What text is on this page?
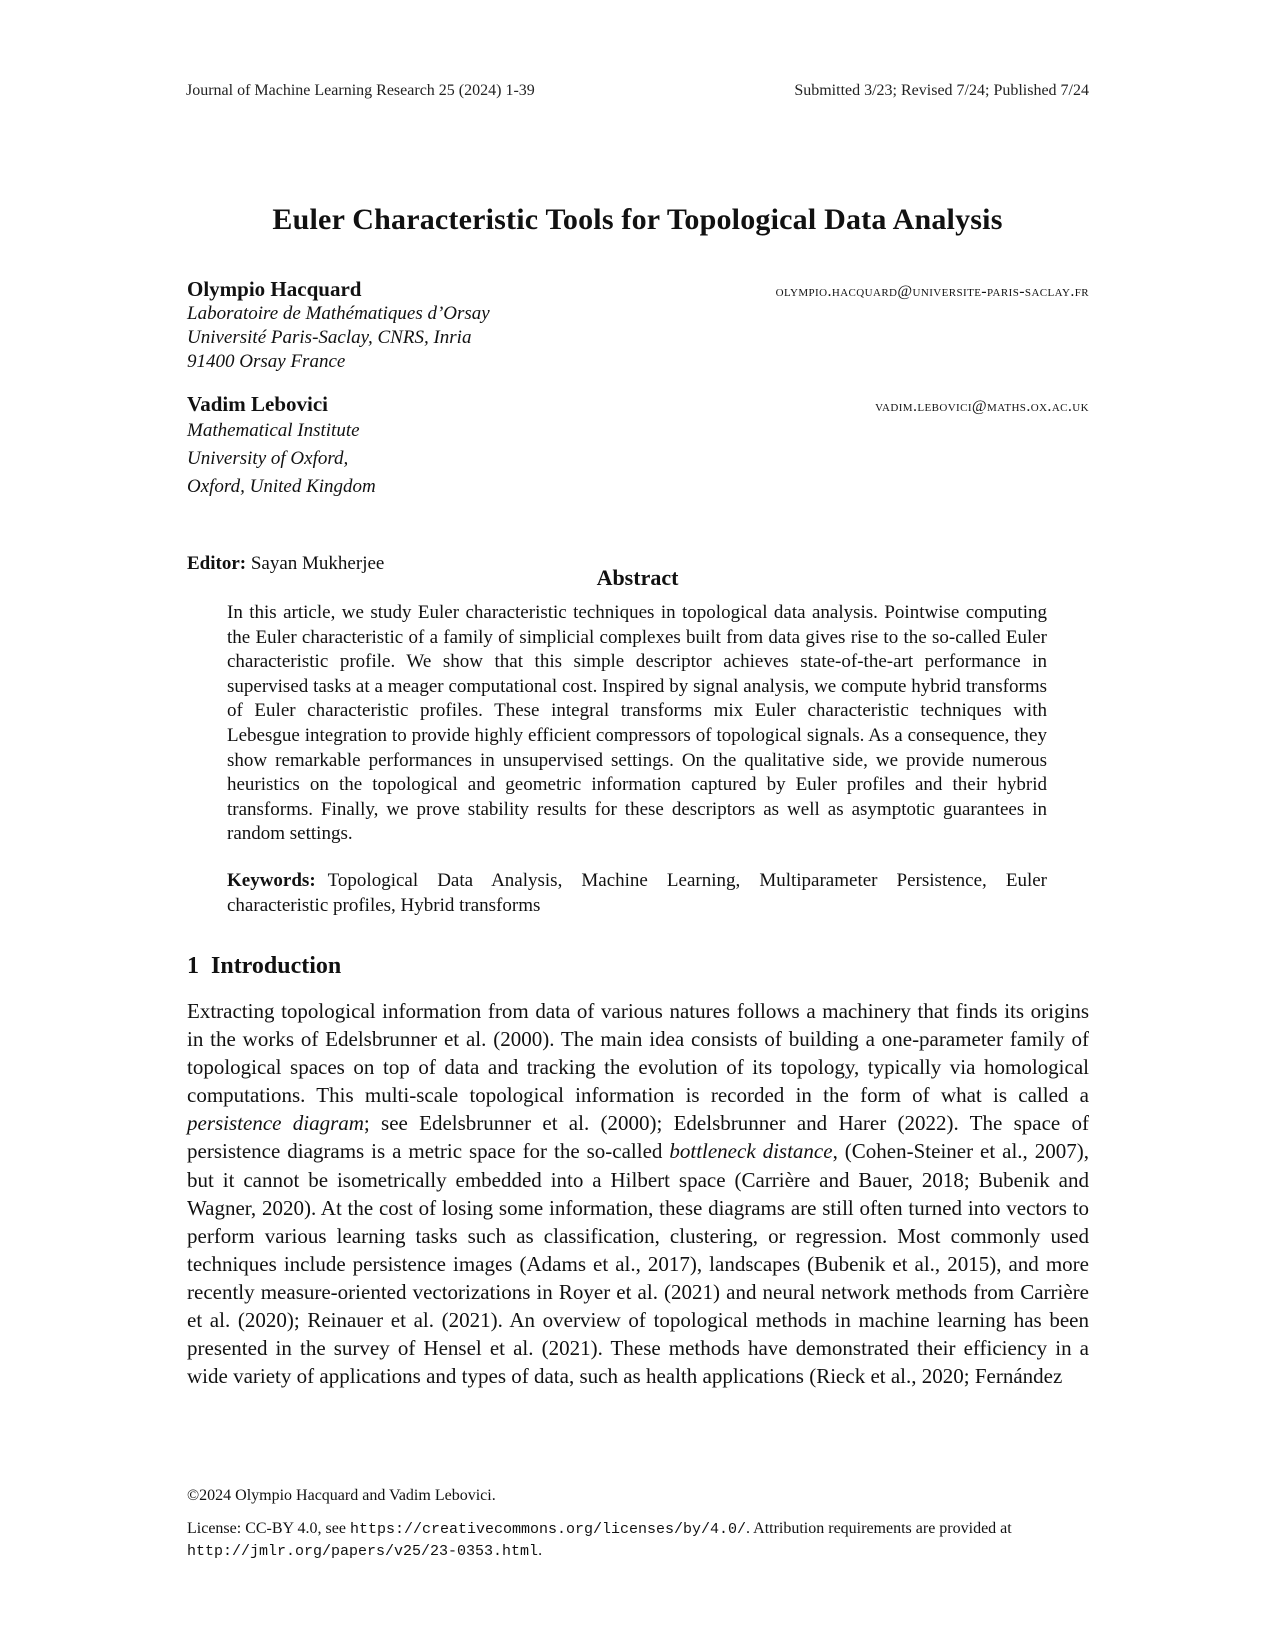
Journal of Machine Learning Research 25 (2024) 1-39	Submitted 3/23; Revised 7/24; Published 7/24
Euler Characteristic Tools for Topological Data Analysis
Olympio Hacquard	olympio.hacquard@universite-paris-saclay.fr
Laboratoire de Mathématiques d’Orsay
Université Paris-Saclay, CNRS, Inria
91400 Orsay France
Vadim Lebovici	vadim.lebovici@maths.ox.ac.uk
Mathematical Institute
University of Oxford,
Oxford, United Kingdom
Editor: Sayan Mukherjee
Abstract
In this article, we study Euler characteristic techniques in topological data analysis. Pointwise computing the Euler characteristic of a family of simplicial complexes built from data gives rise to the so-called Euler characteristic profile. We show that this simple descriptor achieves state-of-the-art performance in supervised tasks at a meager computational cost. Inspired by signal analysis, we compute hybrid transforms of Euler characteristic profiles. These integral transforms mix Euler characteristic techniques with Lebesgue integration to provide highly efficient compressors of topological signals. As a consequence, they show remarkable performances in unsupervised settings. On the qualitative side, we provide numerous heuristics on the topological and geometric information captured by Euler profiles and their hybrid transforms. Finally, we prove stability results for these descriptors as well as asymptotic guarantees in random settings.
Keywords: Topological Data Analysis, Machine Learning, Multiparameter Persistence, Euler characteristic profiles, Hybrid transforms
1 Introduction
Extracting topological information from data of various natures follows a machinery that finds its origins in the works of Edelsbrunner et al. (2000). The main idea consists of building a one-parameter family of topological spaces on top of data and tracking the evolution of its topology, typically via homological computations. This multi-scale topological information is recorded in the form of what is called a persistence diagram; see Edelsbrunner et al. (2000); Edelsbrunner and Harer (2022). The space of persistence diagrams is a metric space for the so-called bottleneck distance, (Cohen-Steiner et al., 2007), but it cannot be isometrically embedded into a Hilbert space (Carrière and Bauer, 2018; Bubenik and Wagner, 2020). At the cost of losing some information, these diagrams are still often turned into vectors to perform various learning tasks such as classification, clustering, or regression. Most commonly used techniques include persistence images (Adams et al., 2017), landscapes (Bubenik et al., 2015), and more recently measure-oriented vectorizations in Royer et al. (2021) and neural network methods from Carrière et al. (2020); Reinauer et al. (2021). An overview of topological methods in machine learning has been presented in the survey of Hensel et al. (2021). These methods have demonstrated their efficiency in a wide variety of applications and types of data, such as health applications (Rieck et al., 2020; Fernández
©2024 Olympio Hacquard and Vadim Lebovici.
License: CC-BY 4.0, see https://creativecommons.org/licenses/by/4.0/. Attribution requirements are provided at http://jmlr.org/papers/v25/23-0353.html.
